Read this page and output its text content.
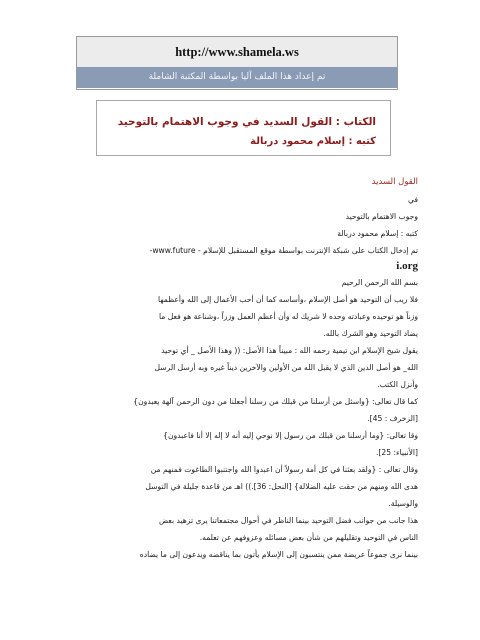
http://www.shamela.ws
تم إعداد هذا الملف آليا بواسطة المكتبة الشاملة
الكتاب : القول السديد في وجوب الاهتمام بالتوحيد
كتبه : إسلام محمود دربالة
القول السديد
في
وجوب الاهتمام بالتوحيد
كتبه : إسلام محمود دربالة
تم إدخال الكتاب على شبكة الإنترنت بواسطة موقع المستقبل للإسلام - www.future-
i.org
بسم الله الرحمن الرحيم
فلا ريب أن التوحيد هو أصل الإسلام ،وأساسه كما أن أحب الأعمال إلى الله وأعظمها
وزناً هو توحيده وعبادته وحده لا شريك له وأن أعظم العمل وزراً ،وشناعة هو فعل ما
يضاد التوحيد وهو الشرك بالله.
يقول شيخ الإسلام ابن تيمية رحمه الله : مبيناً هذا الأصل: (( وهذا الأصل _ أي توحيد
الله_ هو أصل الدين الذي لا يقبل الله من الأولين والآخرين ديناً غيره وبه أرسل الرسل
وأنزل الكتب.
كما قال تعالى: {واسئل من أرسلنا من قبلك من رسلنا أجعلنا من دون الرحمن آلهة يعبدون}
[الزخرف : 45].
وقا تعالى: {وما أرسلنا من قبلك من رسول إلا نوحي إليه أنه لا إله إلا أنا فاعبدون}
[الأنبياء: 25].
وقال تعالى : {ولقد بعثنا في كل أمة رسولاً أن اعبدوا الله واجتنبوا الطاغوت فمنهم من
هدى الله ومنهم من حقت عليه الضلالة} [النحل: 36].)) اهـ من قاعدة جليلة في التوسل
والوسيلة.
هذا جانب من جوانب فضل التوحيد بينما الناظر في أحوال مجتمعاتنا يرى تزهيد بعض
الناس في التوحيد وتقليلهم من شأن بعض مسائله وعزوفهم عن تعلمه.
بينما نرى جموعاً عريضة ممن ينتسبون إلى الإسلام يأتون بما يناقضه ويدعون إلى ما يضاده
